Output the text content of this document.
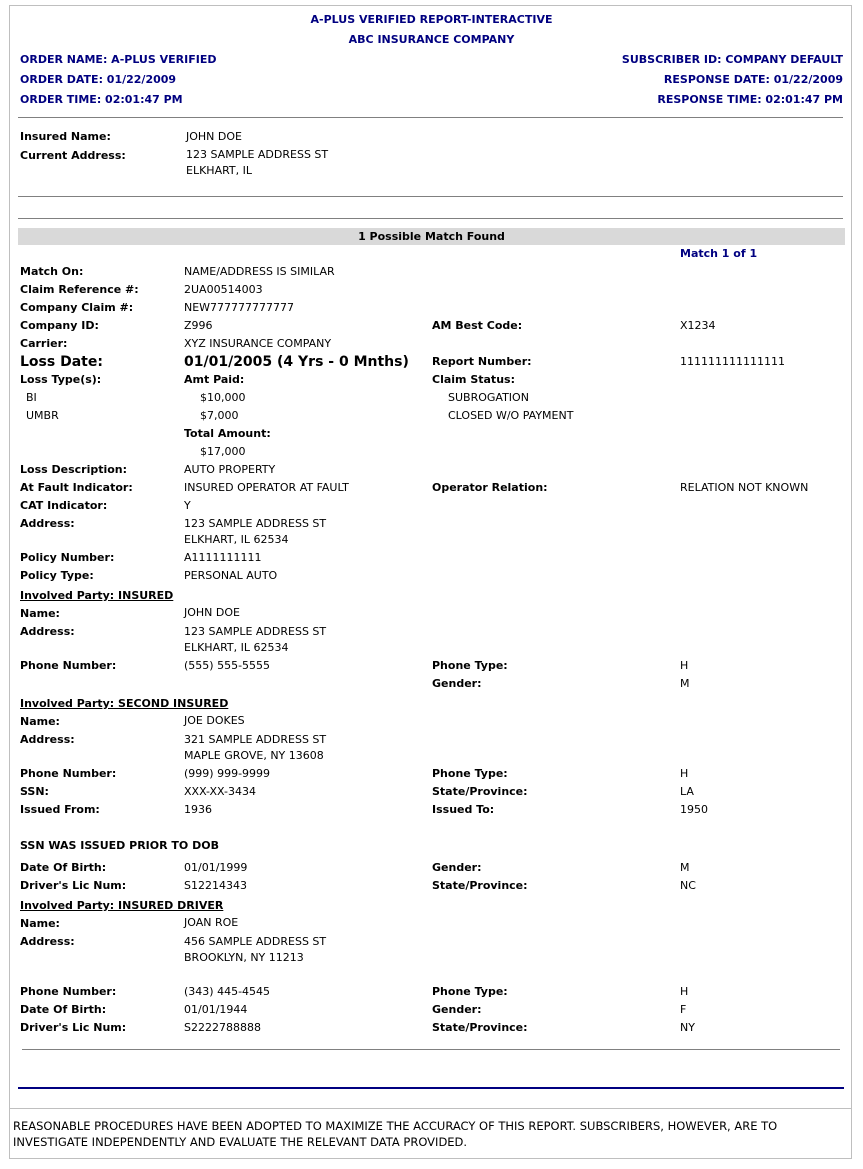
A-PLUS VERIFIED REPORT-INTERACTIVE
ABC INSURANCE COMPANY
ORDER NAME: A-PLUS VERIFIED
ORDER DATE: 01/22/2009
ORDER TIME: 02:01:47 PM
SUBSCRIBER ID: COMPANY DEFAULT
RESPONSE DATE: 01/22/2009
RESPONSE TIME: 02:01:47 PM
Insured Name:	JOHN DOE
Current Address:	123 SAMPLE ADDRESS ST
ELKHART, IL
1 Possible Match Found
Match 1 of 1
Match On:	NAME/ADDRESS IS SIMILAR
Claim Reference #:	2UA00514003
Company Claim #:	NEW777777777777
Company ID:	Z996	AM Best Code:	X1234
Carrier:	XYZ INSURANCE COMPANY
Loss Date:	01/01/2005 (4 Yrs - 0 Mnths) Report Number:	111111111111111
Loss Type(s):	Amt Paid:	Claim Status:
BI	$10,000	SUBROGATION
UMBR	$7,000	CLOSED W/O PAYMENT
Total Amount:
$17,000
Loss Description:	AUTO PROPERTY
At Fault Indicator:	INSURED OPERATOR AT FAULT	Operator Relation:	RELATION NOT KNOWN
CAT Indicator:	Y
Address:	123 SAMPLE ADDRESS ST
ELKHART, IL 62534
Policy Number:	A1111111111
Policy Type:	PERSONAL AUTO
Involved Party: INSURED
Name:	JOHN DOE
Address:	123 SAMPLE ADDRESS ST
ELKHART, IL 62534
Phone Number:	(555) 555-5555	Phone Type:	H
Gender:	M
Involved Party: SECOND INSURED
Name:	JOE DOKES
Address:	321 SAMPLE ADDRESS ST
MAPLE GROVE, NY 13608
Phone Number:	(999) 999-9999	Phone Type:	H
SSN:	XXX-XX-3434	State/Province:	LA
Issued From:	1936	Issued To:	1950
SSN WAS ISSUED PRIOR TO DOB
Date Of Birth:	01/01/1999	Gender:	M
Driver's Lic Num:	S12214343	State/Province:	NC
Involved Party: INSURED DRIVER
Name:	JOAN ROE
Address:	456 SAMPLE ADDRESS ST
BROOKLYN, NY 11213
Phone Number:	(343) 445-4545	Phone Type:	H
Date Of Birth:	01/01/1944	Gender:	F
Driver's Lic Num:	S2222788888	State/Province:	NY
REASONABLE PROCEDURES HAVE BEEN ADOPTED TO MAXIMIZE THE ACCURACY OF THIS REPORT. SUBSCRIBERS, HOWEVER, ARE TO INVESTIGATE INDEPENDENTLY AND EVALUATE THE RELEVANT DATA PROVIDED.
